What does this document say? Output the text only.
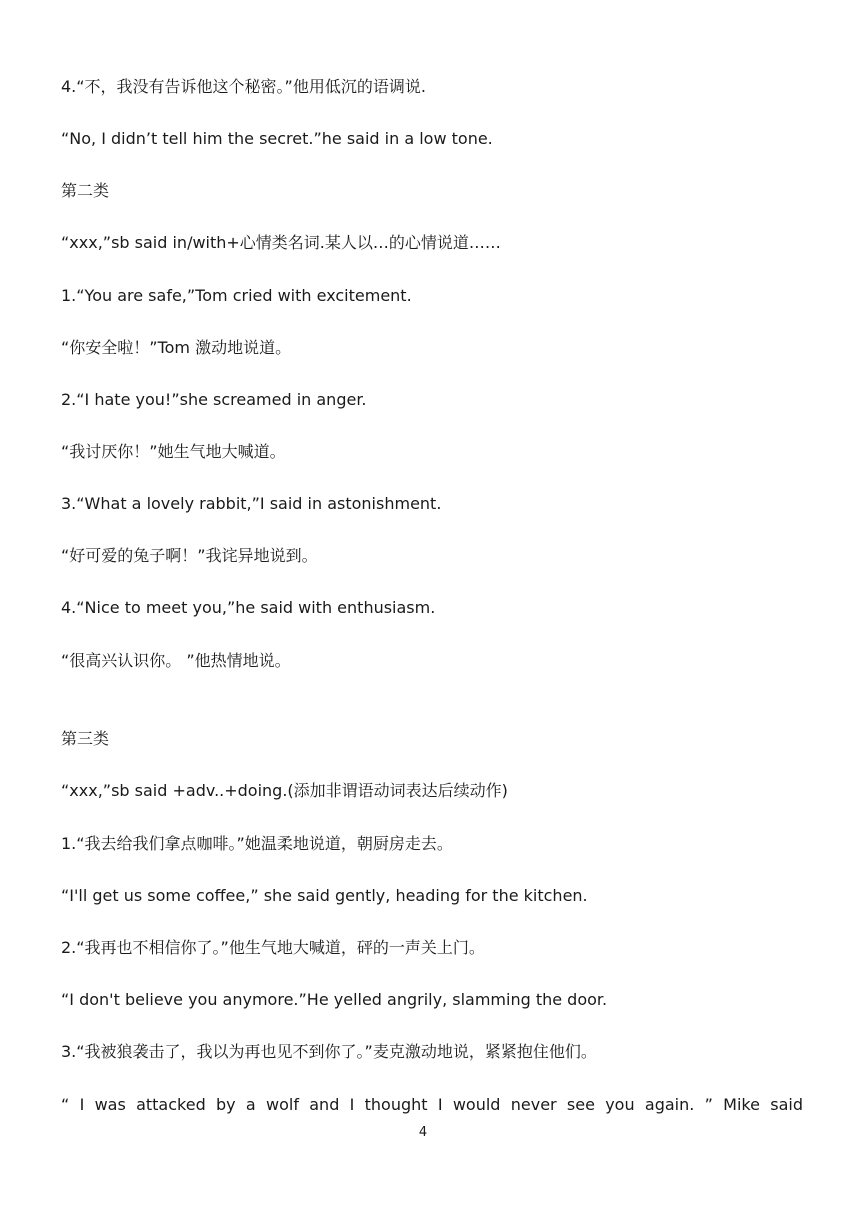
4.“不，我没有告诉他这个秘密。”他用低沉的语调说.
“No, I didn’t tell him the secret.”he said in a low tone.
第二类
“xxx,”sb said in/with+心情类名词.某人以…的心情说道……
1.“You are safe,”Tom cried with excitement.
“你安全啦！”Tom 激动地说道。
2.“I hate you!”she screamed in anger.
“我讨厌你！”她生气地大喊道。
3.“What a lovely rabbit,”I said in astonishment.
“好可爱的兔子啊！”我诧异地说到。
4.“Nice to meet you,”he said with enthusiasm.
“很高兴认识你。 ”他热情地说。
第三类
“xxx,”sb said +adv..+doing.(添加非谓语动词表达后续动作)
1.“我去给我们拿点咖啡。”她温柔地说道，朝厨房走去。
“I'll get us some coffee,” she said gently, heading for the kitchen.
2.“我再也不相信你了。”他生气地大喊道，砰的一声关上门。
“I don't believe you anymore.”He yelled angrily, slamming the door.
3.“我被狼袭击了，我以为再也见不到你了。”麦克激动地说，紧紧抱住他们。
“ I was attacked by a wolf and I thought I would never see you again. ” Mike said
4
